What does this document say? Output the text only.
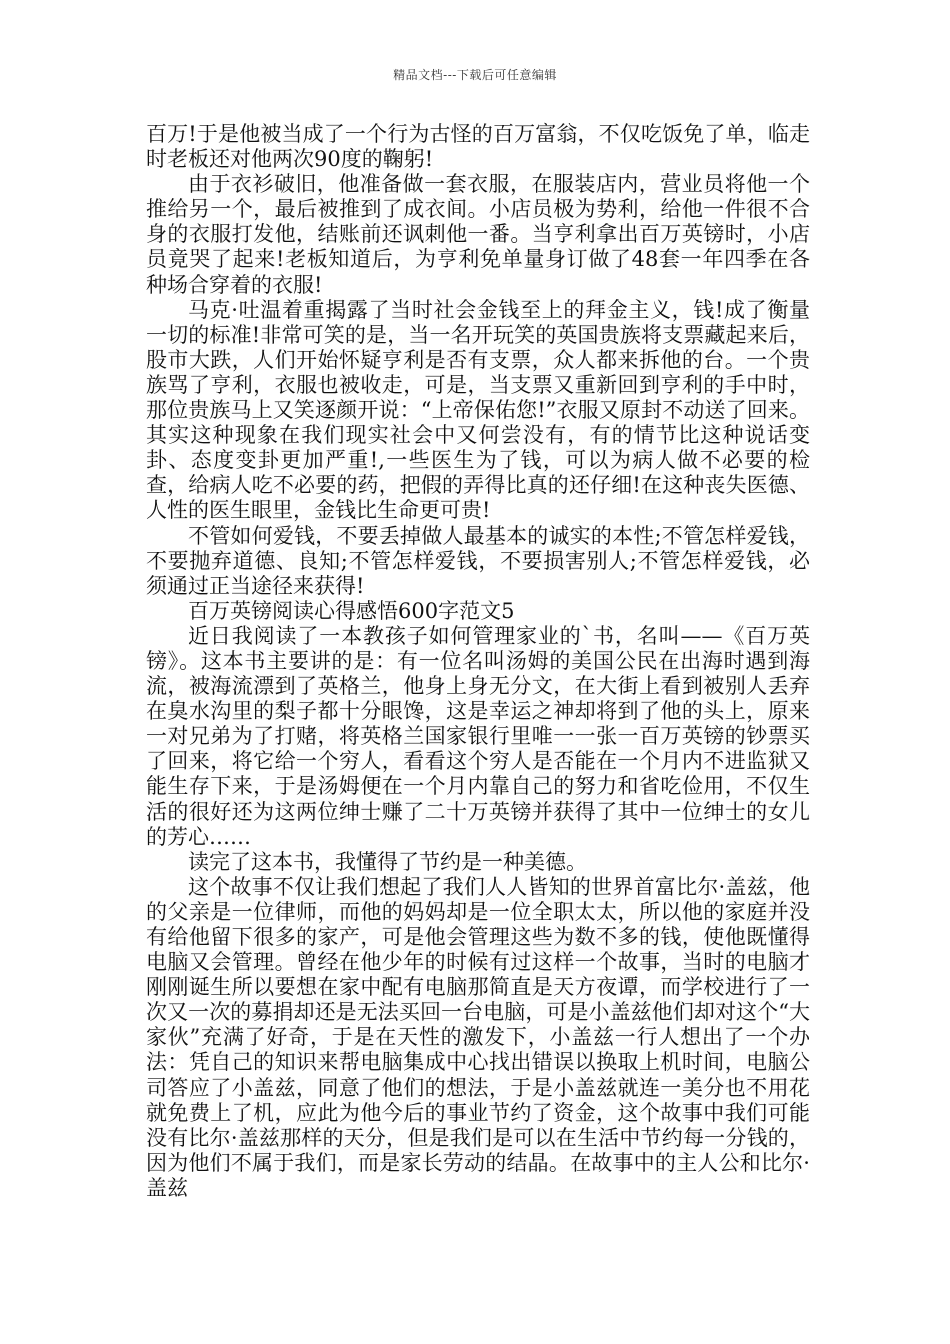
精品文档---下载后可任意编辑

百万!于是他被当成了一个行为古怪的百万富翁，不仅吃饭免了单，临走时老板还对他两次90度的鞠躬!

由于衣衫破旧，他准备做一套衣服，在服装店内，营业员将他一个推给另一个，最后被推到了成衣间。小店员极为势利，给他一件很不合身的衣服打发他，结账前还讽刺他一番。当亨利拿出百万英镑时，小店员竟哭了起来!老板知道后，为亨利免单量身订做了48套一年四季在各种场合穿着的衣服!

马克·吐温着重揭露了当时社会金钱至上的拜金主义，钱!成了衡量一切的标准!非常可笑的是，当一名开玩笑的英国贵族将支票藏起来后，股市大跌，人们开始怀疑亨利是否有支票，众人都来拆他的台。一个贵族骂了亨利，衣服也被收走，可是，当支票又重新回到亨利的手中时，那位贵族马上又笑逐颜开说：“上帝保佑您!”衣服又原封不动送了回来。其实这种现象在我们现实社会中又何尝没有，有的情节比这种说话变卦、态度变卦更加严重!,一些医生为了钱，可以为病人做不必要的检查，给病人吃不必要的药，把假的弄得比真的还仔细!在这种丧失医德、人性的医生眼里，金钱比生命更可贵!

不管如何爱钱，不要丢掉做人最基本的诚实的本性;不管怎样爱钱，不要抛弃道德、良知;不管怎样爱钱，不要损害别人;不管怎样爱钱，必须通过正当途径来获得!

百万英镑阅读心得感悟600字范文5

近日我阅读了一本教孩子如何管理家业的`书，名叫——《百万英镑》。这本书主要讲的是：有一位名叫汤姆的美国公民在出海时遇到海流，被海流漂到了英格兰，他身上身无分文，在大街上看到被别人丢弃在臭水沟里的梨子都十分眼馋，这是幸运之神却将到了他的头上，原来一对兄弟为了打赌，将英格兰国家银行里唯一一张一百万英镑的钞票买了回来，将它给一个穷人，看看这个穷人是否能在一个月内不进监狱又能生存下来，于是汤姆便在一个月内靠自己的努力和省吃俭用，不仅生活的很好还为这两位绅士赚了二十万英镑并获得了其中一位绅士的女儿的芳心……

读完了这本书，我懂得了节约是一种美德。

这个故事不仅让我们想起了我们人人皆知的世界首富比尔·盖兹，他的父亲是一位律师，而他的妈妈却是一位全职太太，所以他的家庭并没有给他留下很多的家产，可是他会管理这些为数不多的钱，使他既懂得电脑又会管理。曾经在他少年的时候有过这样一个故事，当时的电脑才刚刚诞生所以要想在家中配有电脑那简直是天方夜谭，而学校进行了一次又一次的募捐却还是无法买回一台电脑，可是小盖兹他们却对这个“大家伙”充满了好奇，于是在天性的激发下，小盖兹一行人想出了一个办法：凭自己的知识来帮电脑集成中心找出错误以换取上机时间，电脑公司答应了小盖兹，同意了他们的想法，于是小盖兹就连一美分也不用花就免费上了机，应此为他今后的事业节约了资金，这个故事中我们可能没有比尔·盖兹那样的天分，但是我们是可以在生活中节约每一分钱的，因为他们不属于我们，而是家长劳动的结晶。在故事中的主人公和比尔·盖兹
